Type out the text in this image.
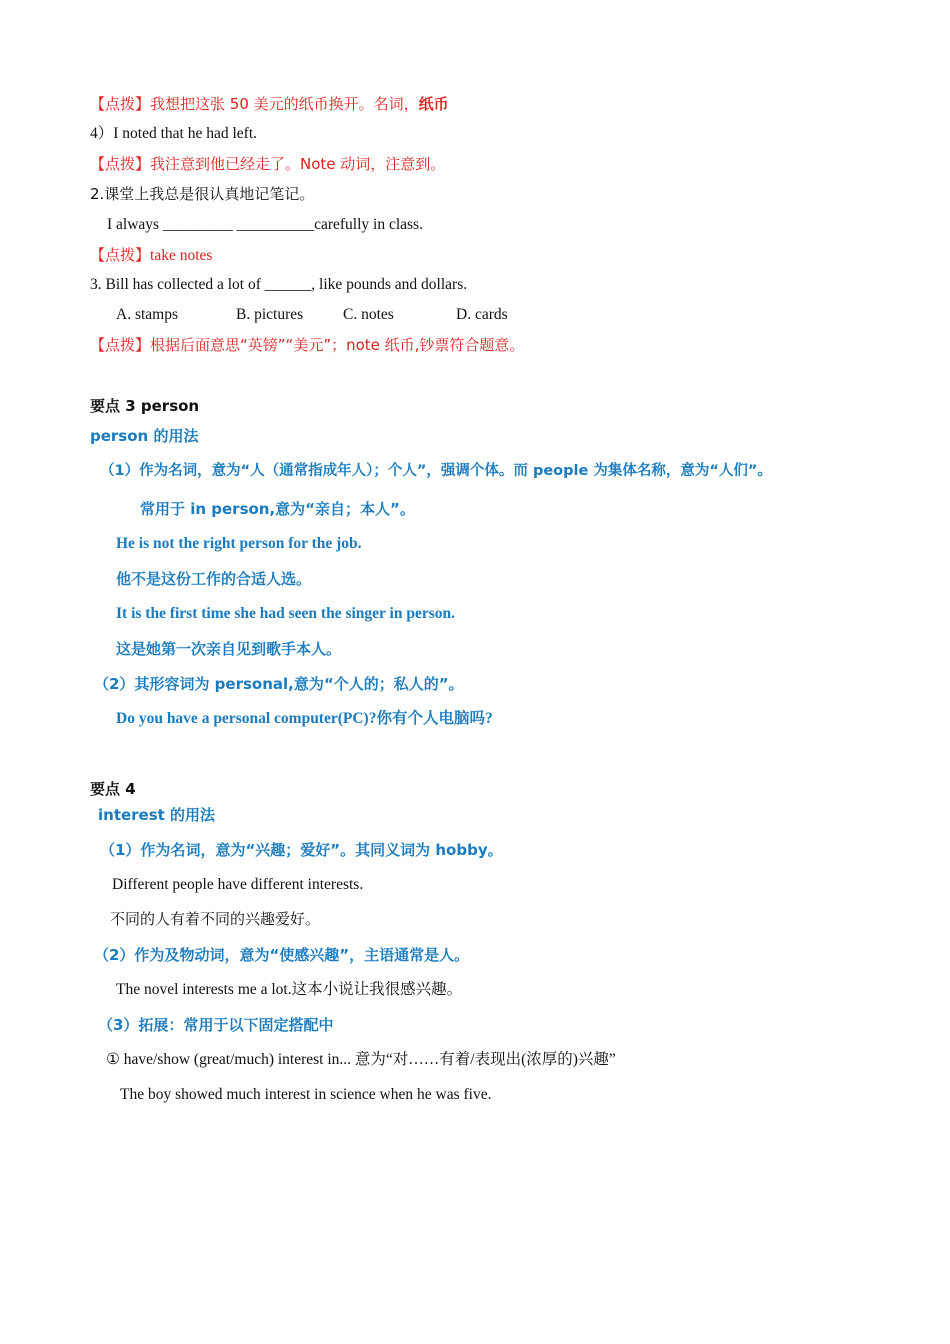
【点拨】我想把这张 50 美元的纸币换开。名词，纸币
4）I noted that he had left.
【点拨】我注意到他已经走了。Note 动词，注意到。
2.课堂上我总是很认真地记笔记。
I always _________ __________carefully in class.
【点拨】take notes
3. Bill has collected a lot of ______, like pounds and dollars.
A. stamps	B. pictures	C. notes	D. cards
【点拨】根据后面意思“英镑”“美元”；note 纸币,钞票符合题意。
要点 3 person
person 的用法
（1）作为名词，意为“人（通常指成年人）；个人”，强调个体。而 people 为集体名称，意为“人们”。
常用于 in person,意为“亲自；本人”。
He is not the right person for the job.
他不是这份工作的合适人选。
It is the first time she had seen the singer in person.
这是她第一次亲自见到歌手本人。
（2）其形容词为 personal,意为“个人的；私人的”。
Do you have a personal computer(PC)?你有个人电脑吗?
要点 4
interest 的用法
（1）作为名词，意为“兴趣；爱好”。其同义词为 hobby。
Different people have different interests.
不同的人有着不同的兴趣爱好。
（2）作为及物动词，意为“使感兴趣”，主语通常是人。
The novel interests me a lot.这本小说让我很感兴趣。
（3）拓展：常用于以下固定搭配中
① have/show (great/much) interest in... 意为“对……有着/表现出(浓厚的)兴趣”
The boy showed much interest in science when he was five.
